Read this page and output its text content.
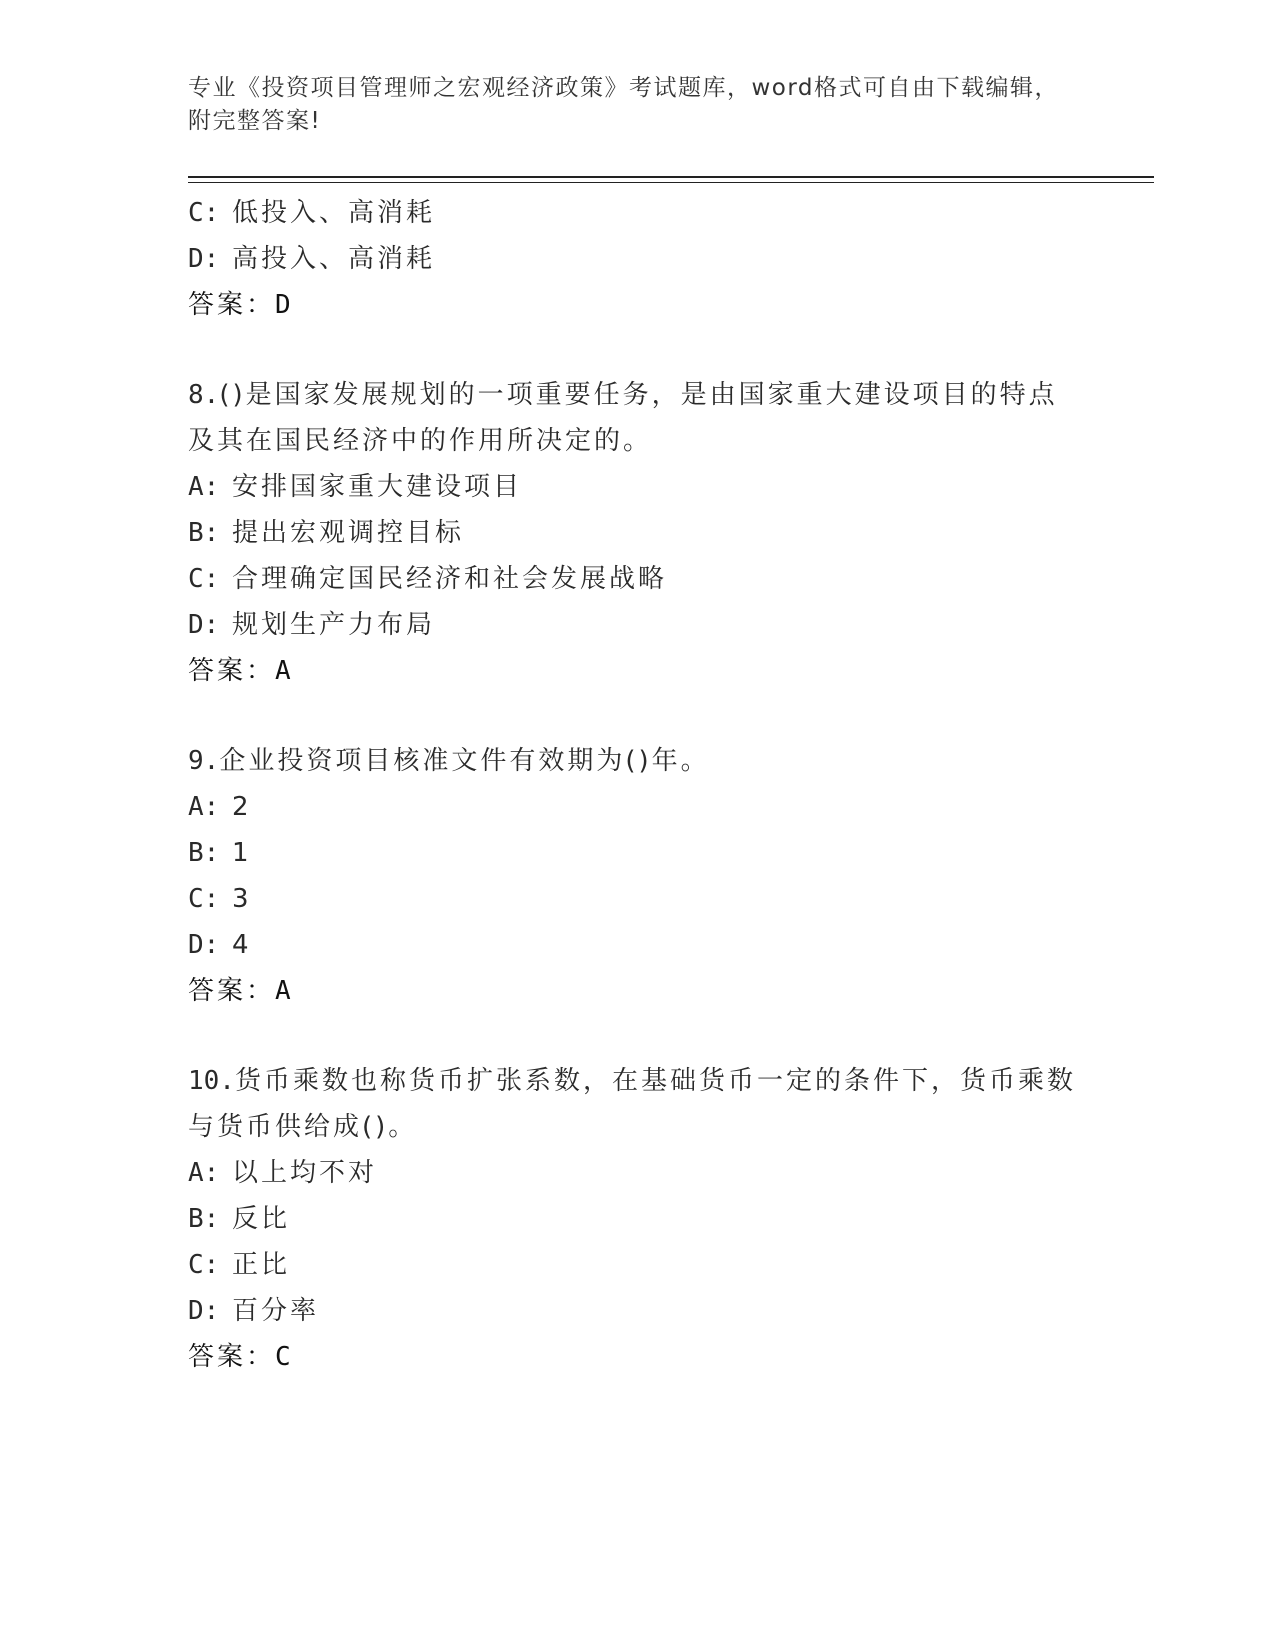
专业《投资项目管理师之宏观经济政策》考试题库，word格式可自由下载编辑，
附完整答案!
C: 低投入、高消耗
D: 高投入、高消耗
答案：D
8.()是国家发展规划的一项重要任务，是由国家重大建设项目的特点
及其在国民经济中的作用所决定的。
A: 安排国家重大建设项目
B: 提出宏观调控目标
C: 合理确定国民经济和社会发展战略
D: 规划生产力布局
答案：A
9.企业投资项目核准文件有效期为()年。
A: 2
B: 1
C: 3
D: 4
答案：A
10.货币乘数也称货币扩张系数，在基础货币一定的条件下，货币乘数
与货币供给成()。
A: 以上均不对
B: 反比
C: 正比
D: 百分率
答案：C
